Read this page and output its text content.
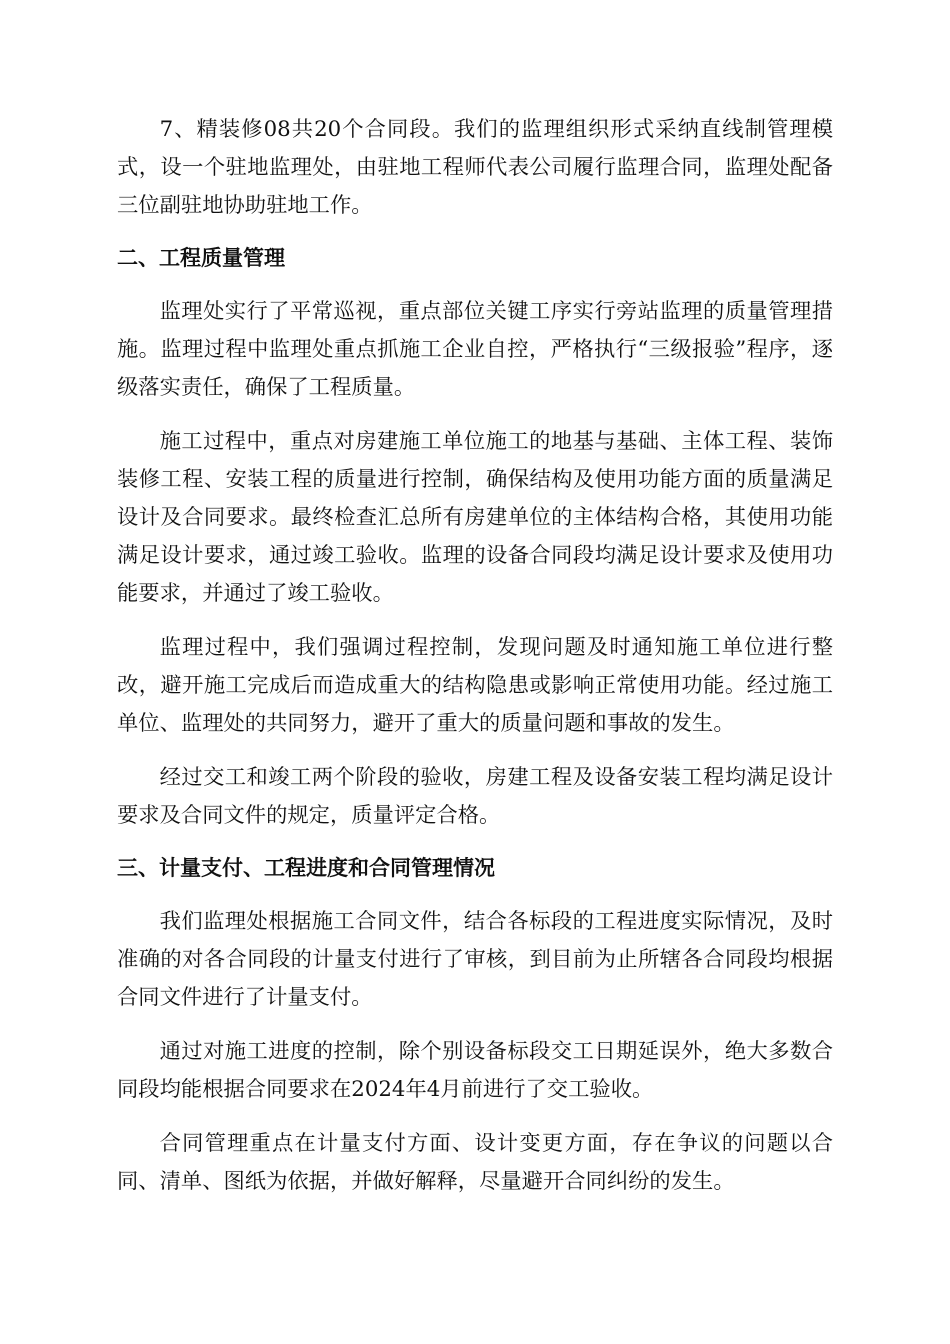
7、精装修08共20个合同段。我们的监理组织形式采纳直线制管理模式，设一个驻地监理处，由驻地工程师代表公司履行监理合同，监理处配备三位副驻地协助驻地工作。

二、工程质量管理

监理处实行了平常巡视，重点部位关键工序实行旁站监理的质量管理措施。监理过程中监理处重点抓施工企业自控，严格执行“三级报验”程序，逐级落实责任，确保了工程质量。

施工过程中，重点对房建施工单位施工的地基与基础、主体工程、装饰装修工程、安装工程的质量进行控制，确保结构及使用功能方面的质量满足设计及合同要求。最终检查汇总所有房建单位的主体结构合格，其使用功能满足设计要求，通过竣工验收。监理的设备合同段均满足设计要求及使用功能要求，并通过了竣工验收。

监理过程中，我们强调过程控制，发现问题及时通知施工单位进行整改，避开施工完成后而造成重大的结构隐患或影响正常使用功能。经过施工单位、监理处的共同努力，避开了重大的质量问题和事故的发生。

经过交工和竣工两个阶段的验收，房建工程及设备安装工程均满足设计要求及合同文件的规定，质量评定合格。

三、计量支付、工程进度和合同管理情况

我们监理处根据施工合同文件，结合各标段的工程进度实际情况，及时准确的对各合同段的计量支付进行了审核，到目前为止所辖各合同段均根据合同文件进行了计量支付。

通过对施工进度的控制，除个别设备标段交工日期延误外，绝大多数合同段均能根据合同要求在2024年4月前进行了交工验收。

合同管理重点在计量支付方面、设计变更方面，存在争议的问题以合同、清单、图纸为依据，并做好解释，尽量避开合同纠纷的发生。
